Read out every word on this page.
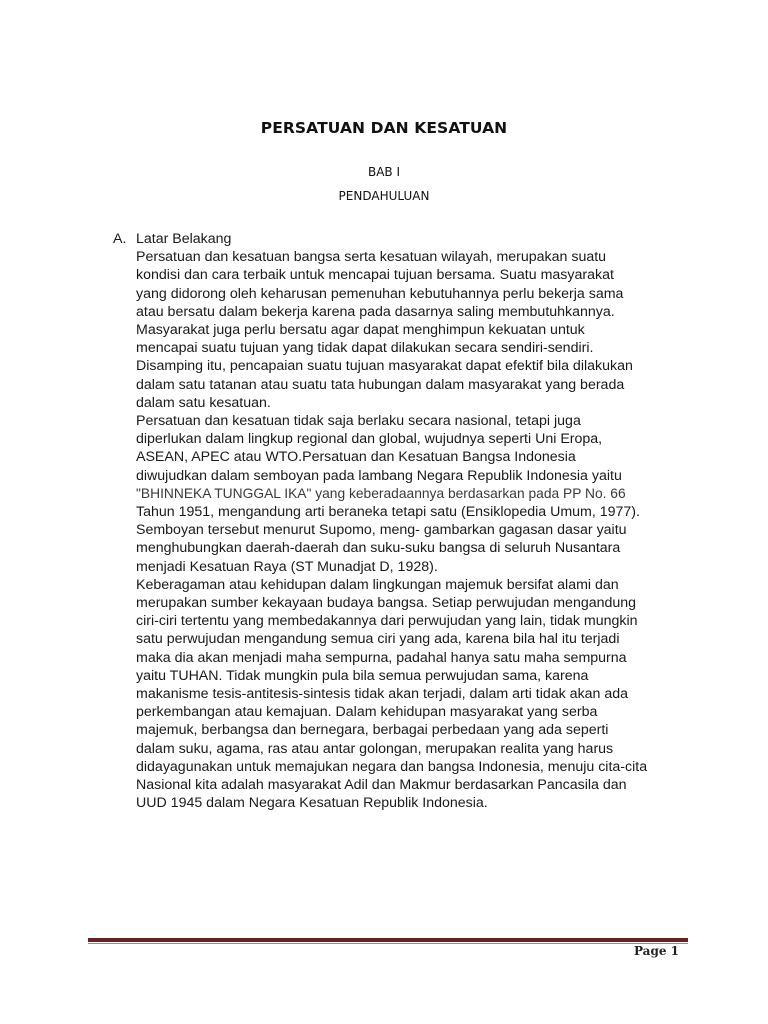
PERSATUAN DAN KESATUAN
BAB I
PENDAHULUAN
A. Latar Belakang
Persatuan dan kesatuan bangsa serta kesatuan wilayah, merupakan suatu
kondisi dan cara terbaik untuk mencapai tujuan bersama. Suatu masyarakat
yang didorong oleh keharusan pemenuhan kebutuhannya perlu bekerja sama
atau bersatu dalam bekerja karena pada dasarnya saling membutuhkannya.
Masyarakat juga perlu bersatu agar dapat menghimpun kekuatan untuk
mencapai suatu tujuan yang tidak dapat dilakukan secara sendiri-sendiri.
Disamping itu, pencapaian suatu tujuan masyarakat dapat efektif bila dilakukan
dalam satu tatanan atau suatu tata hubungan dalam masyarakat yang berada
dalam satu kesatuan.
Persatuan dan kesatuan tidak saja berlaku secara nasional, tetapi juga
diperlukan dalam lingkup regional dan global, wujudnya seperti Uni Eropa,
ASEAN, APEC atau WTO.Persatuan dan Kesatuan Bangsa Indonesia
diwujudkan dalam semboyan pada lambang Negara Republik Indonesia yaitu
"BHINNEKA TUNGGAL IKA" yang keberadaannya berdasarkan pada PP No. 66
Tahun 1951, mengandung arti beraneka tetapi satu (Ensiklopedia Umum, 1977).
Semboyan tersebut menurut Supomo, meng- gambarkan gagasan dasar yaitu
menghubungkan daerah-daerah dan suku-suku bangsa di seluruh Nusantara
menjadi Kesatuan Raya (ST Munadjat D, 1928).
Keberagaman atau kehidupan dalam lingkungan majemuk bersifat alami dan
merupakan sumber kekayaan budaya bangsa. Setiap perwujudan mengandung
ciri-ciri tertentu yang membedakannya dari perwujudan yang lain, tidak mungkin
satu perwujudan mengandung semua ciri yang ada, karena bila hal itu terjadi
maka dia akan menjadi maha sempurna, padahal hanya satu maha sempurna
yaitu TUHAN. Tidak mungkin pula bila semua perwujudan sama, karena
makanisme tesis-antitesis-sintesis tidak akan terjadi, dalam arti tidak akan ada
perkembangan atau kemajuan. Dalam kehidupan masyarakat yang serba
majemuk, berbangsa dan bernegara, berbagai perbedaan yang ada seperti
dalam suku, agama, ras atau antar golongan, merupakan realita yang harus
didayagunakan untuk memajukan negara dan bangsa Indonesia, menuju cita-cita
Nasional kita adalah masyarakat Adil dan Makmur berdasarkan Pancasila dan
UUD 1945 dalam Negara Kesatuan Republik Indonesia.
Page 1
